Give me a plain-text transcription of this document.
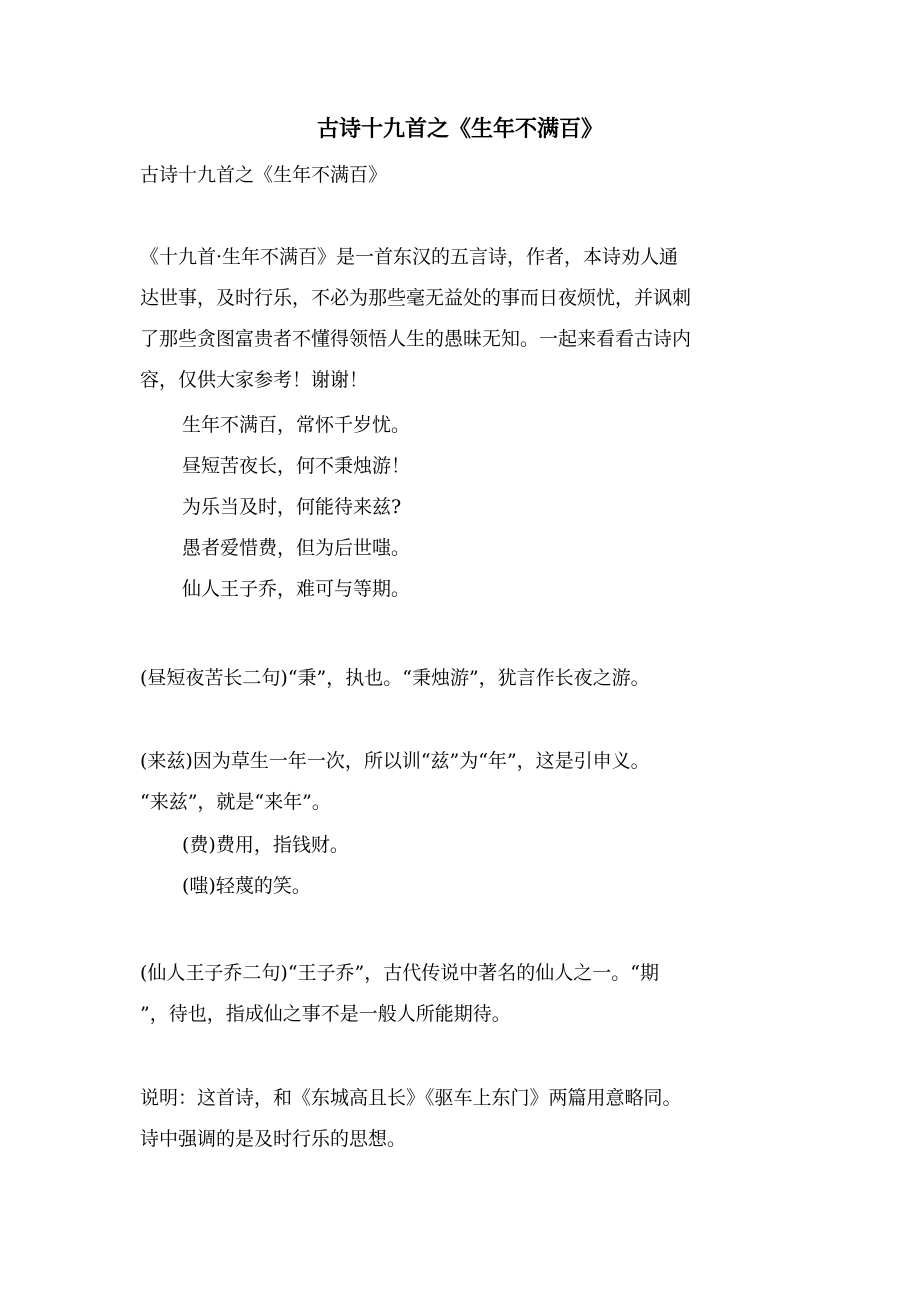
古诗十九首之《生年不满百》
古诗十九首之《生年不满百》
《十九首·生年不满百》是一首东汉的五言诗，作者，本诗劝人通
达世事，及时行乐，不必为那些毫无益处的事而日夜烦忧，并讽刺
了那些贪图富贵者不懂得领悟人生的愚昧无知。一起来看看古诗内
容，仅供大家参考！谢谢！
生年不满百，常怀千岁忧。
昼短苦夜长，何不秉烛游！
为乐当及时，何能待来兹?
愚者爱惜费，但为后世嗤。
仙人王子乔，难可与等期。
(昼短夜苦长二句)“秉”，执也。“秉烛游”，犹言作长夜之游。
(来兹)因为草生一年一次，所以训“兹”为“年”，这是引申义。
“来兹”，就是“来年”。
(费)费用，指钱财。
(嗤)轻蔑的笑。
(仙人王子乔二句)“王子乔”，古代传说中著名的仙人之一。“期
”，待也，指成仙之事不是一般人所能期待。
说明：这首诗，和《东城高且长》《驱车上东门》两篇用意略同。
诗中强调的是及时行乐的思想。
